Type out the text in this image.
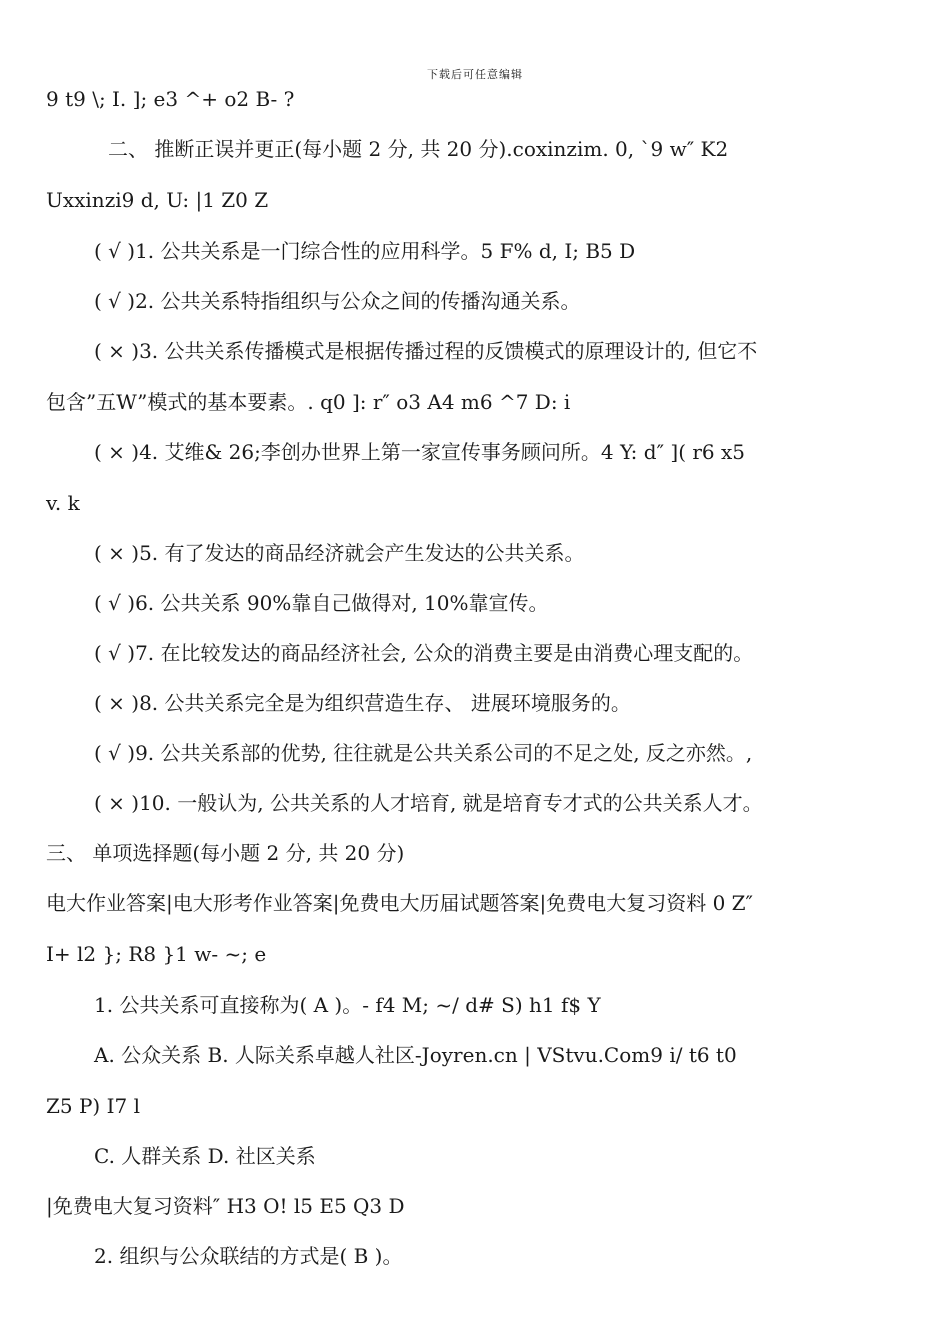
下载后可任意编辑
9 t9 \; I. ]; e3 ^+ o2 B- ?
二、 推断正误并更正(每小题 2 分, 共 20 分).coxinzim. 0, `9 w″ K2
Uxxinzi9 d, U: |1 Z0 Z
( √ )1. 公共关系是一门综合性的应用科学。5 F% d, I; B5 D
( √ )2. 公共关系特指组织与公众之间的传播沟通关系。
( × )3. 公共关系传播模式是根据传播过程的反馈模式的原理设计的, 但它不
包含”五W”模式的基本要素。. q0 ]: r″ o3 A4 m6 ^7 D: i
( × )4. 艾维& 26;李创办世界上第一家宣传事务顾问所。4 Y: d″ ]( r6 x5
v. k
( × )5. 有了发达的商品经济就会产生发达的公共关系。
( √ )6. 公共关系 90%靠自己做得对, 10%靠宣传。
( √ )7. 在比较发达的商品经济社会, 公众的消费主要是由消费心理支配的。
( × )8. 公共关系完全是为组织营造生存、 进展环境服务的。
( √ )9. 公共关系部的优势, 往往就是公共关系公司的不足之处, 反之亦然。,
( × )10. 一般认为, 公共关系的人才培育, 就是培育专才式的公共关系人才。
三、 单项选择题(每小题 2 分, 共 20 分)
电大作业答案|电大形考作业答案|免费电大历届试题答案|免费电大复习资料 0 Z″
I+ l2 }; R8 }1 w- ~; e
1. 公共关系可直接称为( A )。- f4 M; ~/ d# S) h1 f$ Y
A. 公众关系 B. 人际关系卓越人社区-Joyren.cn | VStvu.Com9 i/ t6 t0
Z5 P) I7 l
C. 人群关系 D. 社区关系
|免费电大复习资料″ H3 O! l5 E5 Q3 D
2. 组织与公众联结的方式是( B )。
